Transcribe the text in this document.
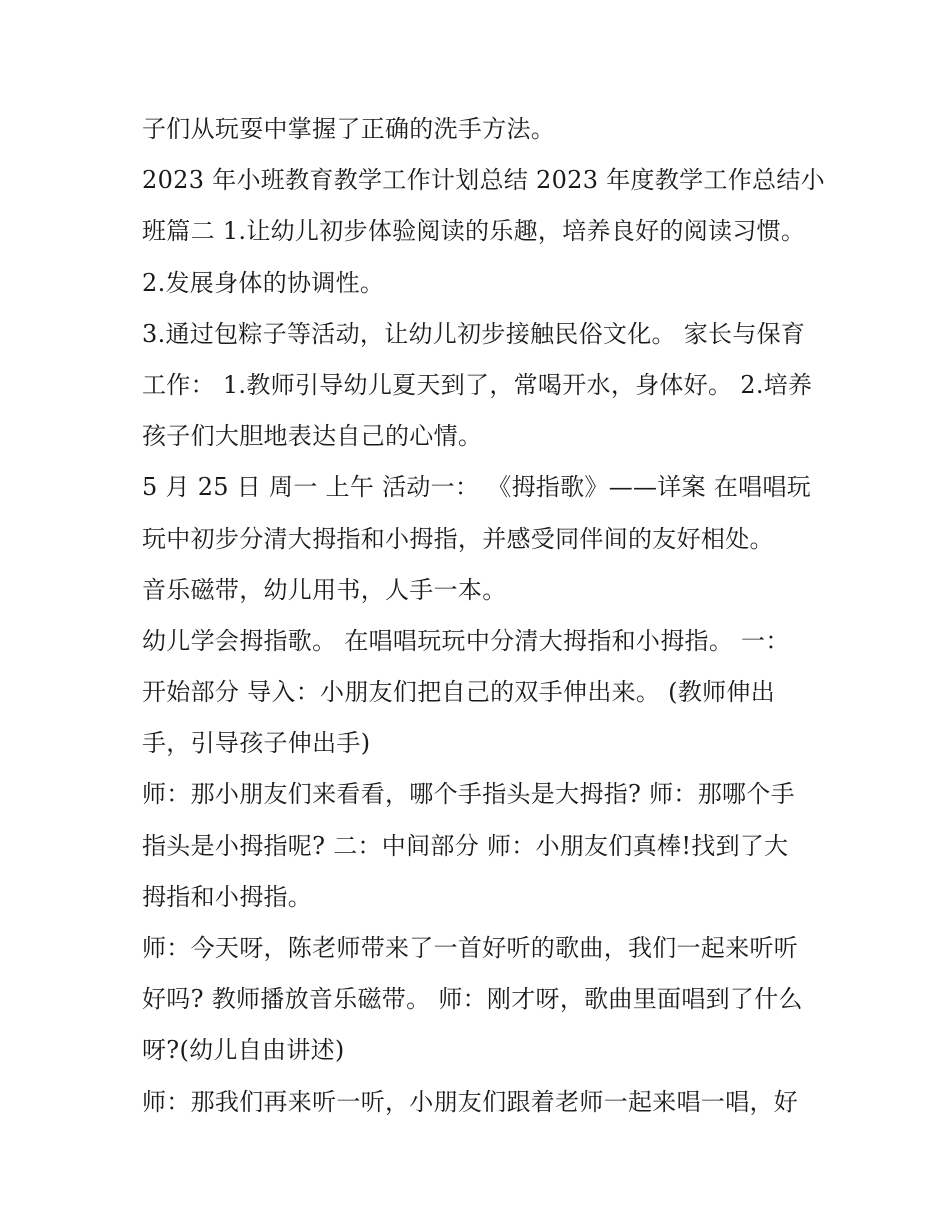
子们从玩耍中掌握了正确的洗手方法。
2023 年小班教育教学工作计划总结 2023 年度教学工作总结小
班篇二 1.让幼儿初步体验阅读的乐趣，培养良好的阅读习惯。
2.发展身体的协调性。
3.通过包粽子等活动，让幼儿初步接触民俗文化。 家长与保育
工作： 1.教师引导幼儿夏天到了，常喝开水，身体好。 2.培养
孩子们大胆地表达自己的心情。
5 月 25 日 周一 上午 活动一： 《拇指歌》——详案 在唱唱玩
玩中初步分清大拇指和小拇指，并感受同伴间的友好相处。
音乐磁带，幼儿用书，人手一本。
幼儿学会拇指歌。 在唱唱玩玩中分清大拇指和小拇指。 一：
开始部分 导入：小朋友们把自己的双手伸出来。 (教师伸出
手，引导孩子伸出手)
师：那小朋友们来看看，哪个手指头是大拇指? 师：那哪个手
指头是小拇指呢? 二：中间部分 师：小朋友们真棒!找到了大
拇指和小拇指。
师：今天呀，陈老师带来了一首好听的歌曲，我们一起来听听
好吗? 教师播放音乐磁带。 师：刚才呀，歌曲里面唱到了什么
呀?(幼儿自由讲述)
师：那我们再来听一听，小朋友们跟着老师一起来唱一唱，好
